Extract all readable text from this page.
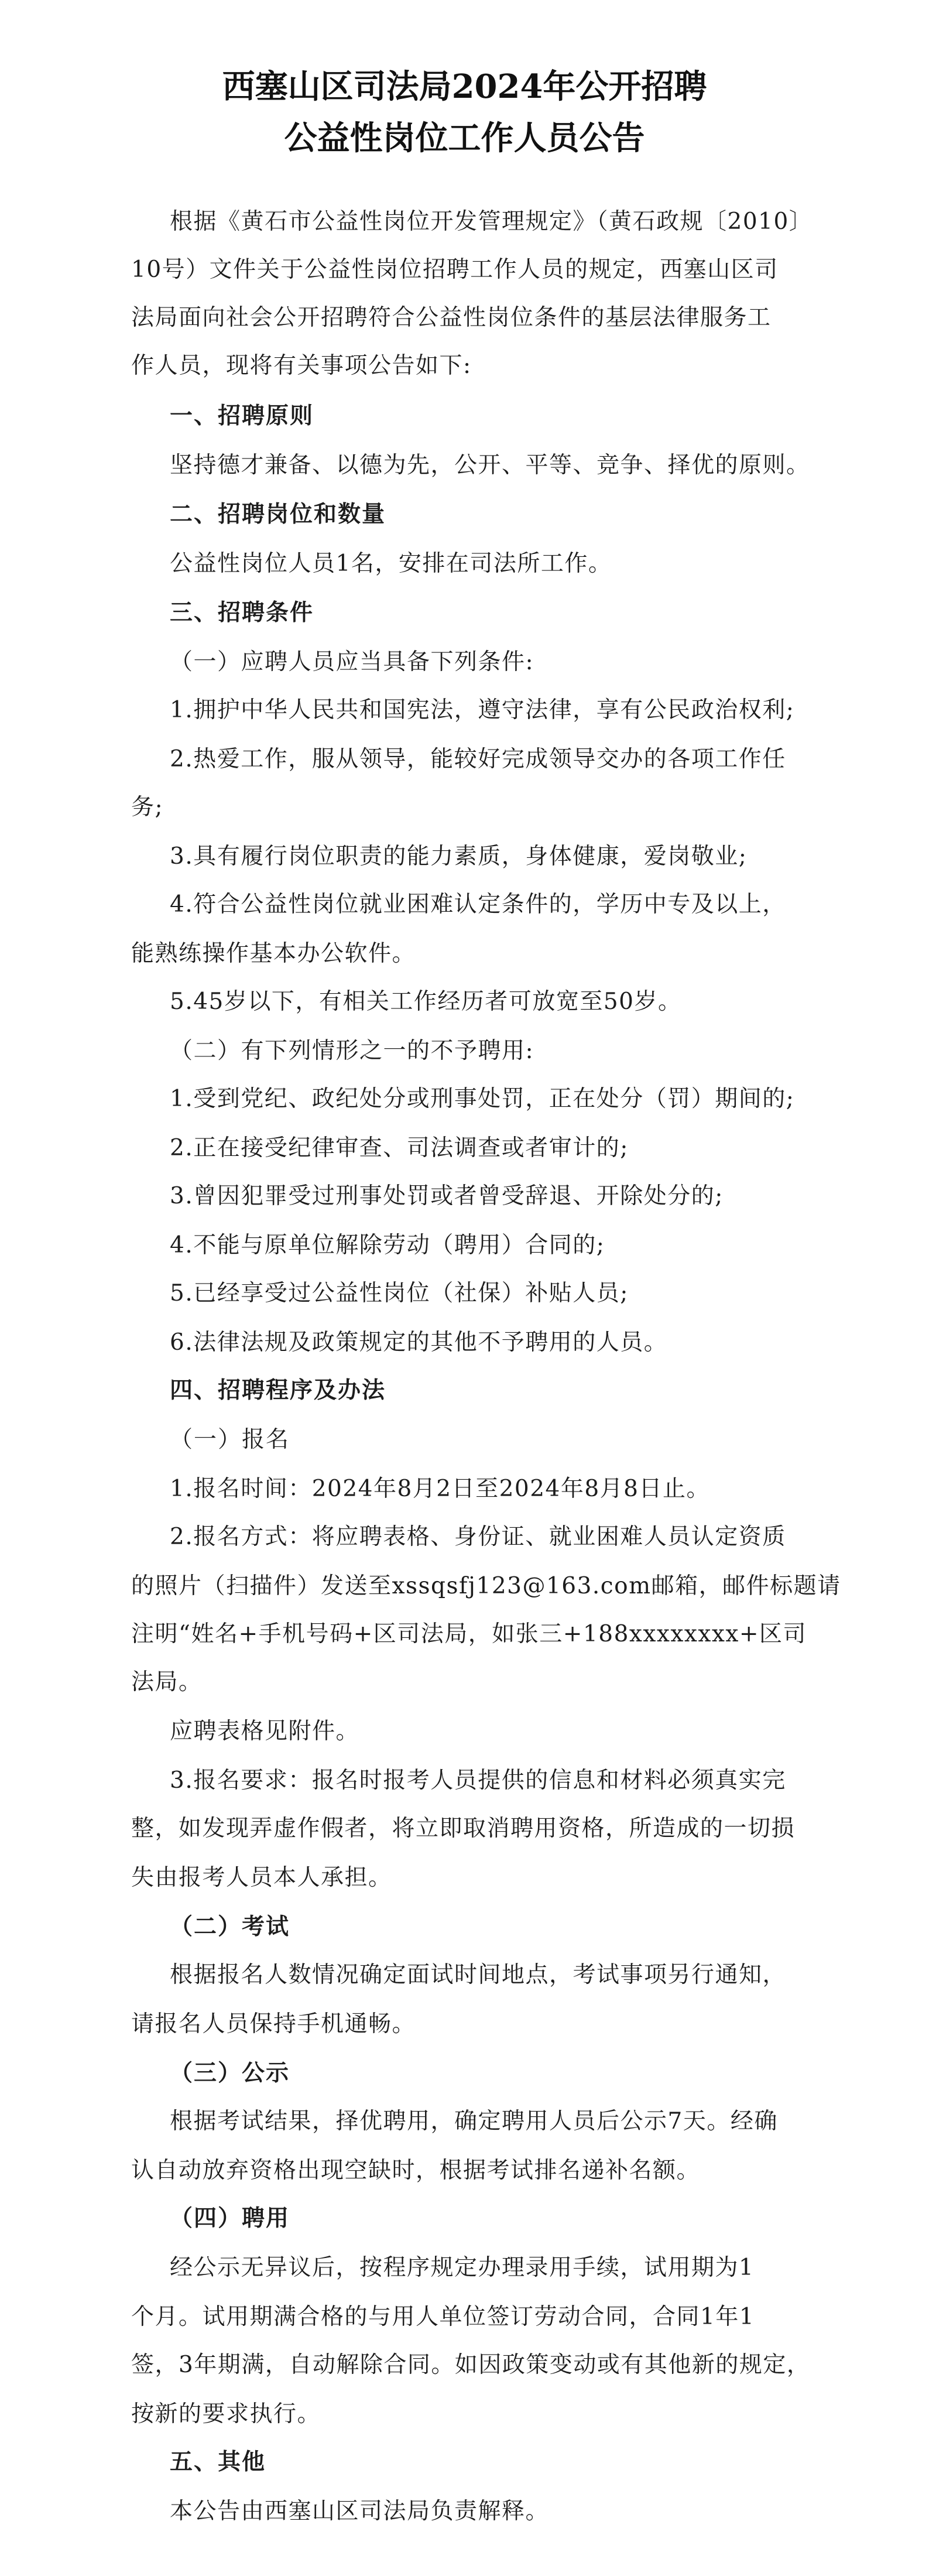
西塞山区司法局2024年公开招聘
公益性岗位工作人员公告
根据《黄石市公益性岗位开发管理规定》（黄石政规〔2010〕
10号）文件关于公益性岗位招聘工作人员的规定，西塞山区司
法局面向社会公开招聘符合公益性岗位条件的基层法律服务工
作人员，现将有关事项公告如下:
一、招聘原则
坚持德才兼备、以德为先，公开、平等、竞争、择优的原则。
二、招聘岗位和数量
公益性岗位人员1名，安排在司法所工作。
三、招聘条件
（一）应聘人员应当具备下列条件:
1.拥护中华人民共和国宪法，遵守法律，享有公民政治权利;
2.热爱工作，服从领导，能较好完成领导交办的各项工作任
务;
3.具有履行岗位职责的能力素质，身体健康，爱岗敬业;
4.符合公益性岗位就业困难认定条件的，学历中专及以上，
能熟练操作基本办公软件。
5.45岁以下，有相关工作经历者可放宽至50岁。
（二）有下列情形之一的不予聘用:
1.受到党纪、政纪处分或刑事处罚，正在处分（罚）期间的;
2.正在接受纪律审查、司法调查或者审计的;
3.曾因犯罪受过刑事处罚或者曾受辞退、开除处分的;
4.不能与原单位解除劳动（聘用）合同的;
5.已经享受过公益性岗位（社保）补贴人员;
6.法律法规及政策规定的其他不予聘用的人员。
四、招聘程序及办法
（一）报名
1.报名时间：2024年8月2日至2024年8月8日止。
2.报名方式：将应聘表格、身份证、就业困难人员认定资质
的照片（扫描件）发送至xssqsfj123@163.com邮箱，邮件标题请
注明“姓名+手机号码+区司法局，如张三+188xxxxxxxx+区司
法局。
应聘表格见附件。
3.报名要求：报名时报考人员提供的信息和材料必须真实完
整，如发现弄虚作假者，将立即取消聘用资格，所造成的一切损
失由报考人员本人承担。
（二）考试
根据报名人数情况确定面试时间地点，考试事项另行通知，
请报名人员保持手机通畅。
（三）公示
根据考试结果，择优聘用，确定聘用人员后公示7天。经确
认自动放弃资格出现空缺时，根据考试排名递补名额。
（四）聘用
经公示无异议后，按程序规定办理录用手续，试用期为1
个月。试用期满合格的与用人单位签订劳动合同，合同1年1
签，3年期满，自动解除合同。如因政策变动或有其他新的规定，
按新的要求执行。
五、其他
本公告由西塞山区司法局负责解释。
